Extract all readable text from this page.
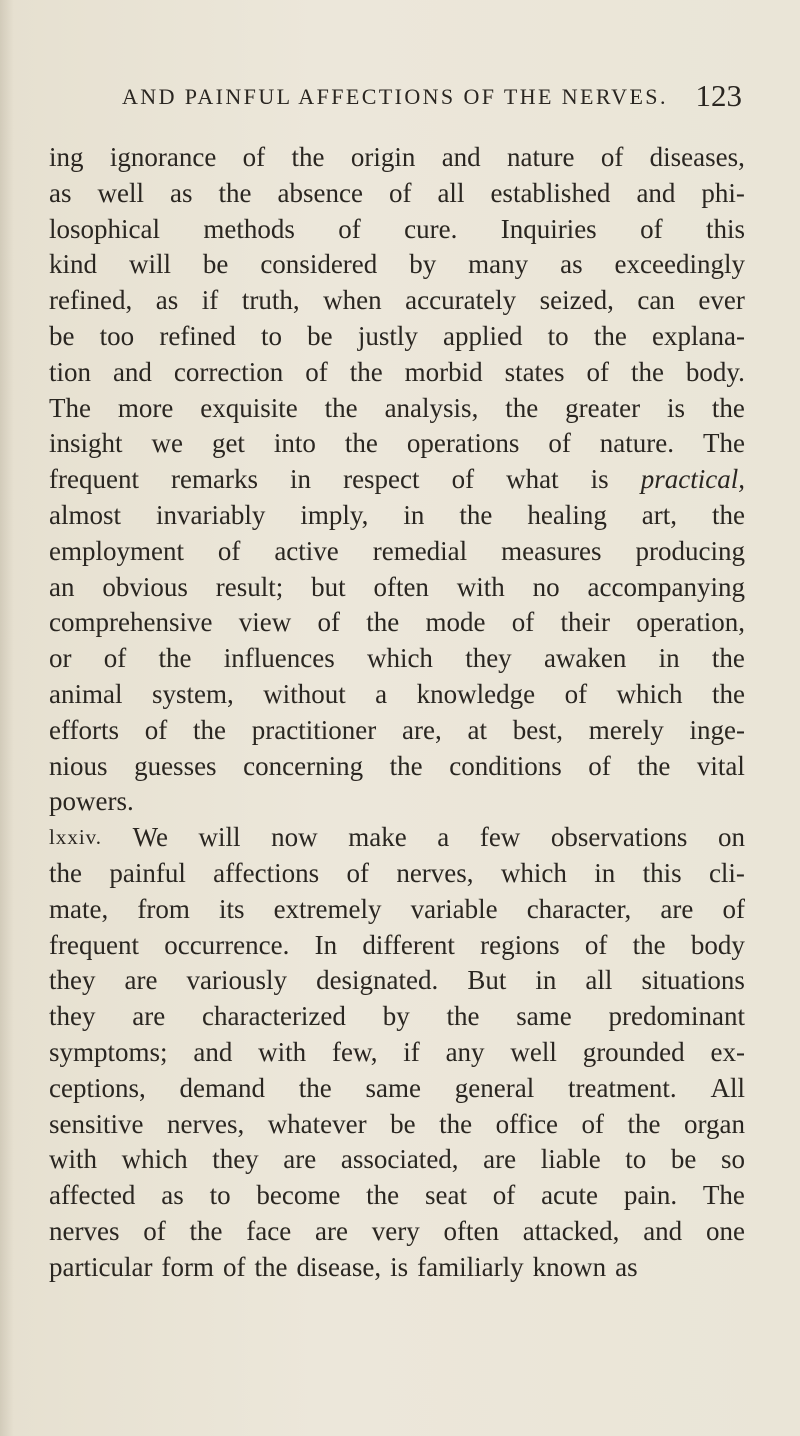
AND PAINFUL AFFECTIONS OF THE NERVES. 123
ing ignorance of the origin and nature of diseases,
as well as the absence of all established and phi-
losophical methods of cure. Inquiries of this
kind will be considered by many as exceedingly
refined, as if truth, when accurately seized, can ever
be too refined to be justly applied to the explana-
tion and correction of the morbid states of the body.
The more exquisite the analysis, the greater is the
insight we get into the operations of nature. The
frequent remarks in respect of what is practical,
almost invariably imply, in the healing art, the
employment of active remedial measures producing
an obvious result; but often with no accompanying
comprehensive view of the mode of their operation,
or of the influences which they awaken in the
animal system, without a knowledge of which the
efforts of the practitioner are, at best, merely inge-
nious guesses concerning the conditions of the vital
powers.
lxxiv. We will now make a few observations on
the painful affections of nerves, which in this cli-
mate, from its extremely variable character, are of
frequent occurrence. In different regions of the body
they are variously designated. But in all situations
they are characterized by the same predominant
symptoms; and with few, if any well grounded ex-
ceptions, demand the same general treatment. All
sensitive nerves, whatever be the office of the organ
with which they are associated, are liable to be so
affected as to become the seat of acute pain. The
nerves of the face are very often attacked, and one
particular form of the disease, is familiarly known as
